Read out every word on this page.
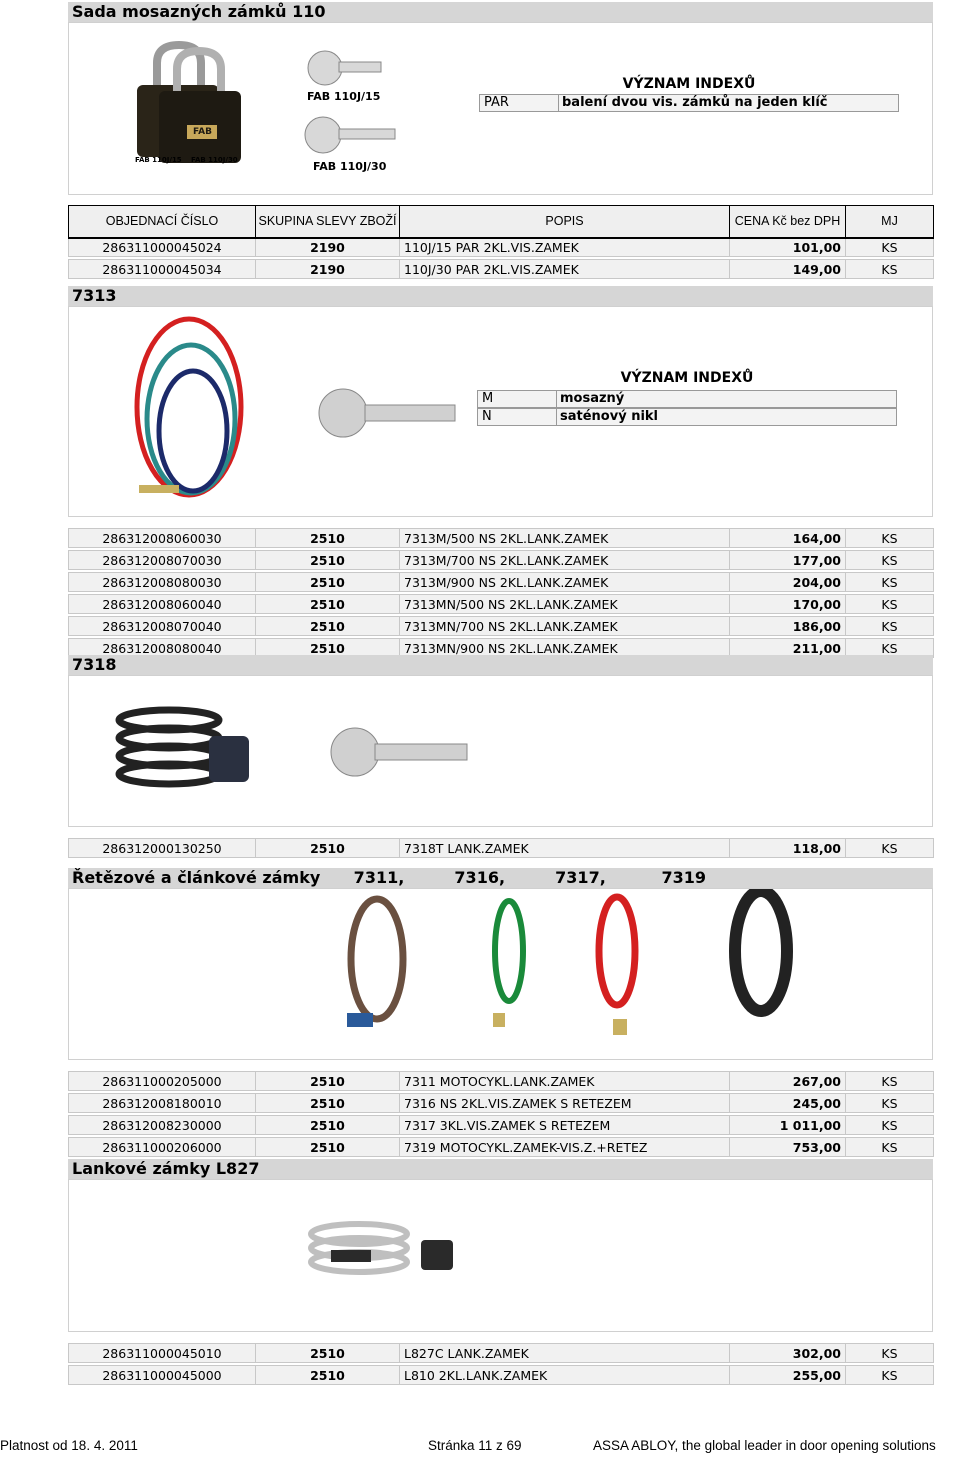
Sada mosazných zámků 110
FAB 110J/15
FAB 110J/30
FAB 110J/15 FAB 110J/30
FAB
VÝZNAM INDEXŮ
PAR	balení dvou vis. zámků na jeden klíč
OBJEDNACÍ ČÍSLO	SKUPINA SLEVY ZBOŽÍ	POPIS	CENA Kč bez DPH	MJ
286311000045024	2190	110J/15 PAR 2KL.VIS.ZAMEK	101,00	KS

286311000045034	2190	110J/30 PAR 2KL.VIS.ZAMEK	149,00	KS
7313
VÝZNAM INDEXŮ
M	mosazný
N	saténový nikl
286312008060030	2510	7313M/500 NS 2KL.LANK.ZAMEK	164,00	KS

286312008070030	2510	7313M/700 NS 2KL.LANK.ZAMEK	177,00	KS

286312008080030	2510	7313M/900 NS 2KL.LANK.ZAMEK	204,00	KS

286312008060040	2510	7313MN/500 NS 2KL.LANK.ZAMEK	170,00	KS

286312008070040	2510	7313MN/700 NS 2KL.LANK.ZAMEK	186,00	KS

286312008080040	2510	7313MN/900 NS 2KL.LANK.ZAMEK	211,00	KS
7318
286312000130250	2510	7318T LANK.ZAMEK	118,00	KS
Řetězové a článkové zámky      7311,         7316,         7317,          7319
286311000205000	2510	7311 MOTOCYKL.LANK.ZAMEK	267,00	KS

286312008180010	2510	7316 NS 2KL.VIS.ZAMEK S RETEZEM	245,00	KS

286312008230000	2510	7317 3KL.VIS.ZAMEK S RETEZEM	1 011,00	KS

286311000206000	2510	7319 MOTOCYKL.ZAMEK-VIS.Z.+RETEZ	753,00	KS
Lankové zámky L827
286311000045010	2510	L827C LANK.ZAMEK	302,00	KS

286311000045000	2510	L810 2KL.LANK.ZAMEK	255,00	KS
Platnost od 18. 4. 2011	Stránka 11 z 69	ASSA ABLOY, the global leader in door opening solutions
